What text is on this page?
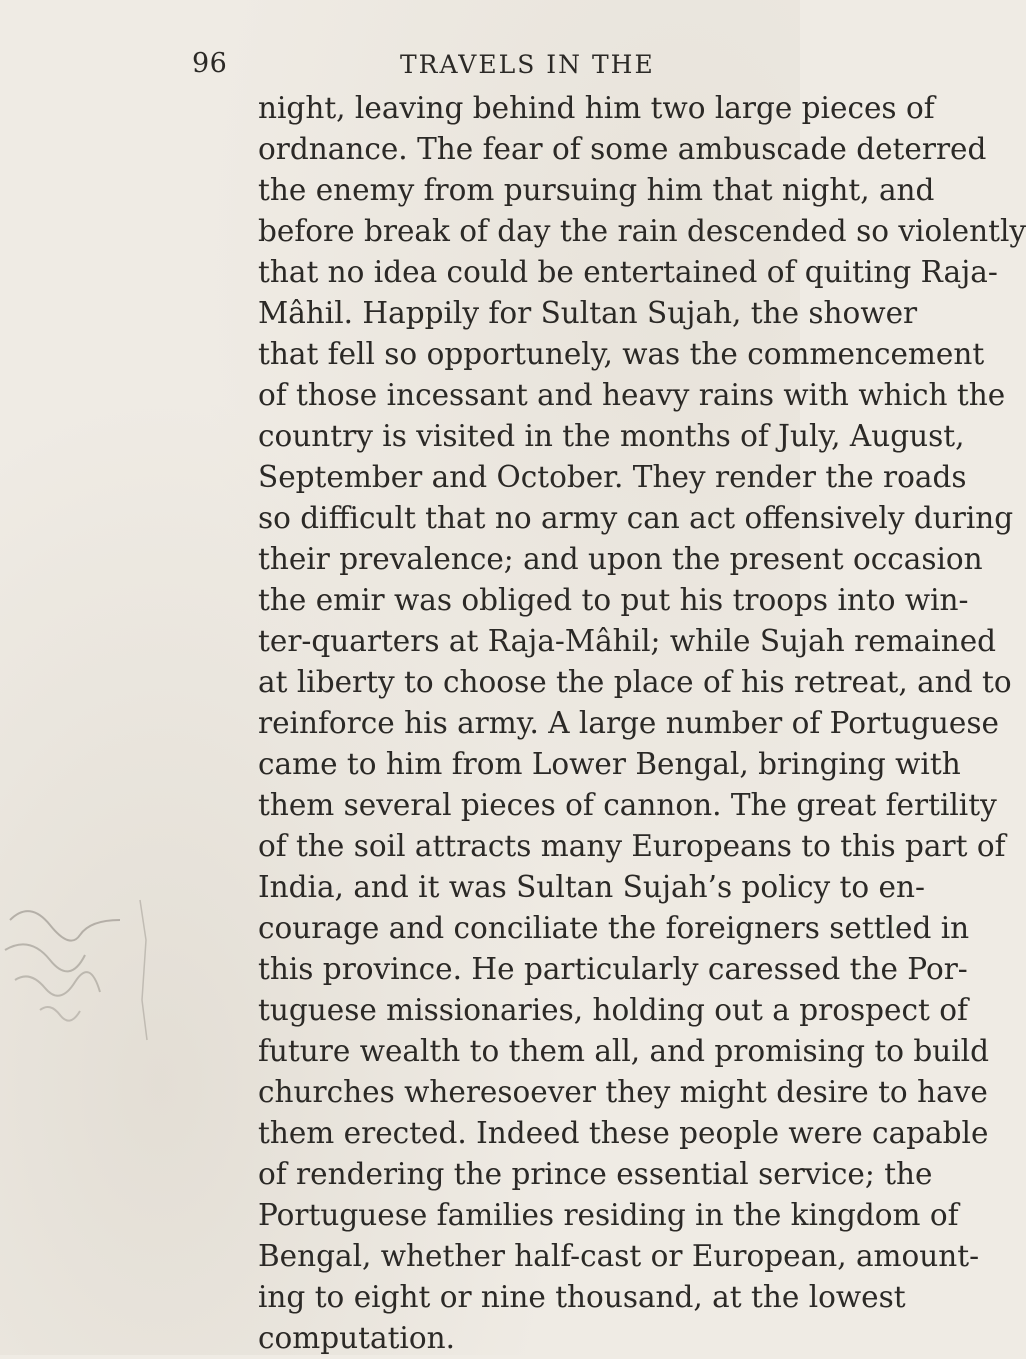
96	TRAVELS IN THE
night, leaving behind him two large pieces of
ordnance. The fear of some ambuscade deterred
the enemy from pursuing him that night, and
before break of day the rain descended so violently
that no idea could be entertained of quiting Raja-
Mâhil. Happily for Sultan Sujah, the shower
that fell so opportunely, was the commencement
of those incessant and heavy rains with which the
country is visited in the months of July, August,
September and October. They render the roads
so difficult that no army can act offensively during
their prevalence; and upon the present occasion
the emir was obliged to put his troops into win-
ter-quarters at Raja-Mâhil; while Sujah remained
at liberty to choose the place of his retreat, and to
reinforce his army. A large number of Portuguese
came to him from Lower Bengal, bringing with
them several pieces of cannon. The great fertility
of the soil attracts many Europeans to this part of
India, and it was Sultan Sujah’s policy to en-
courage and conciliate the foreigners settled in
this province. He particularly caressed the Por-
tuguese missionaries, holding out a prospect of
future wealth to them all, and promising to build
churches wheresoever they might desire to have
them erected. Indeed these people were capable
of rendering the prince essential service; the
Portuguese families residing in the kingdom of
Bengal, whether half-cast or European, amount-
ing to eight or nine thousand, at the lowest
computation.
